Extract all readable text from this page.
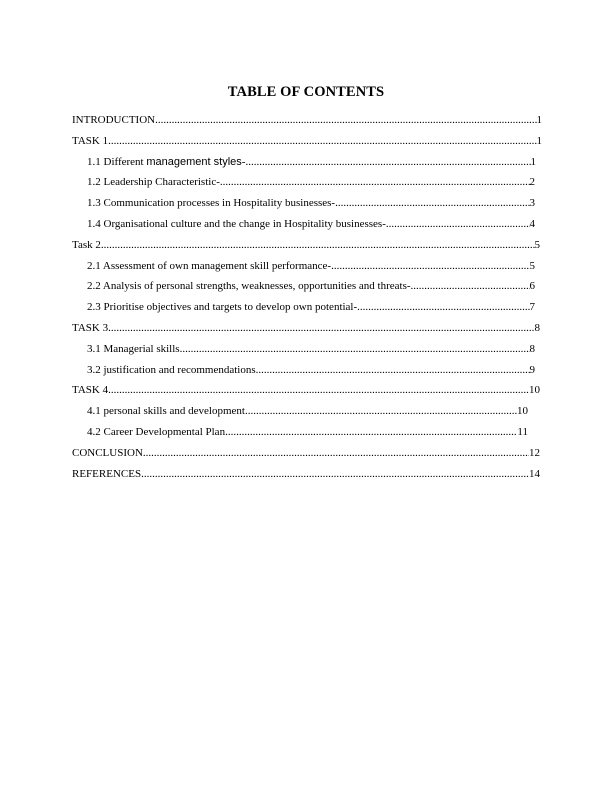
TABLE OF CONTENTS
INTRODUCTION .....	1
TASK 1 .....	1
1.1 Different management styles- .....	1
1.2 Leadership Characteristic- .....	2
1.3 Communication processes in Hospitality businesses- .....	3
1.4 Organisational culture and the change in Hospitality businesses- .....	4
Task 2 .....	5
2.1 Assessment of own management skill performance- .....	5
2.2 Analysis of personal strengths, weaknesses, opportunities and threats- .....	6
2.3 Prioritise objectives and targets to develop own potential- .....	7
TASK 3 .....	8
3.1 Managerial skills .....	8
3.2 justification and recommendations .....	9
TASK 4 .....	10
4.1 personal skills and development .....	10
4.2 Career Developmental Plan .....	11
CONCLUSION .....	12
REFERENCES .....	14
